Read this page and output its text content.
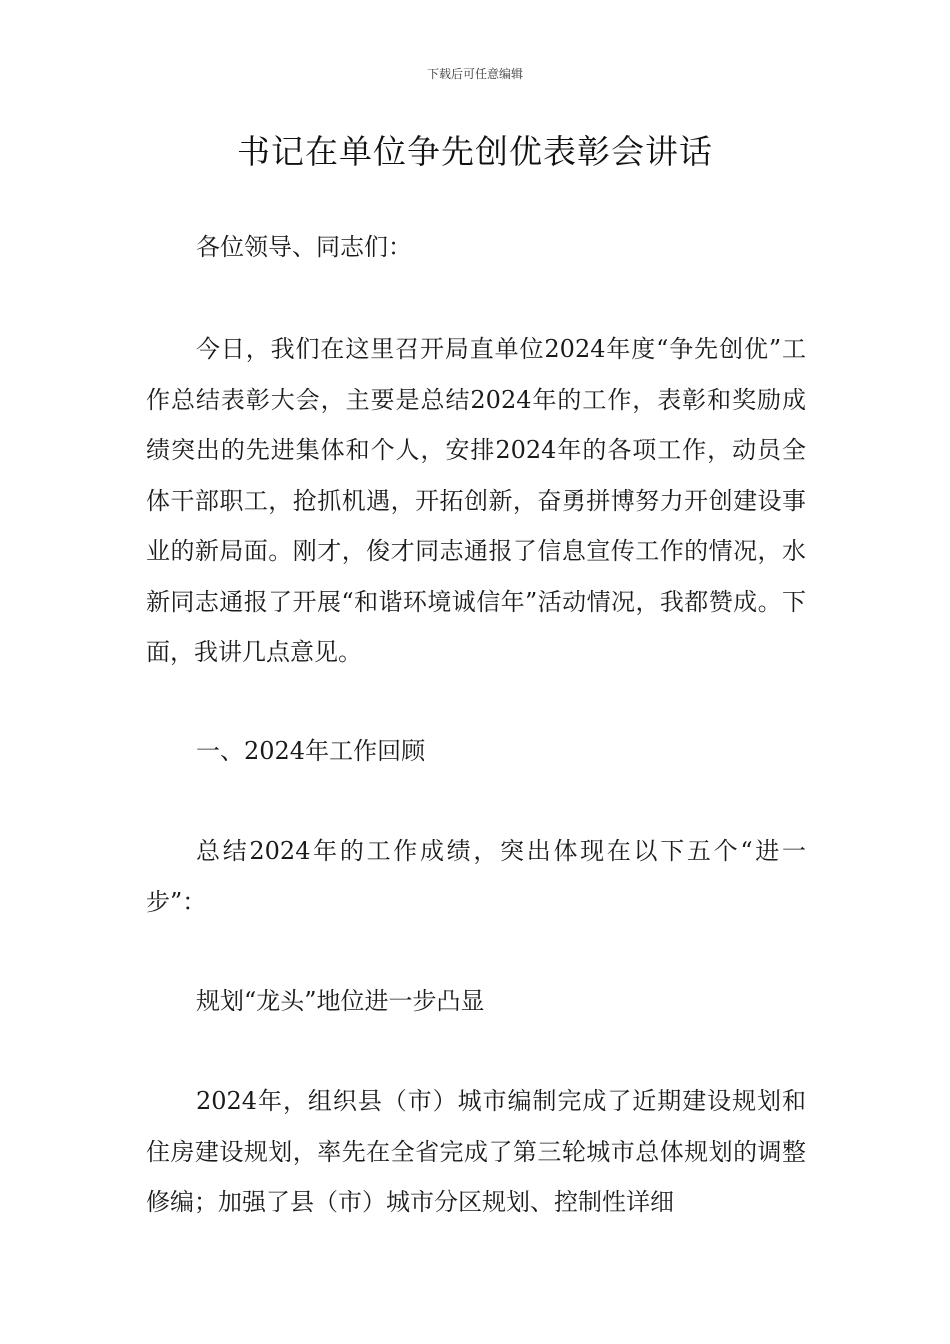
下载后可任意编辑
书记在单位争先创优表彰会讲话

各位领导、同志们：

今日，我们在这里召开局直单位2024年度“争先创优”工作总结表彰大会，主要是总结2024年的工作，表彰和奖励成绩突出的先进集体和个人，安排2024年的各项工作，动员全体干部职工，抢抓机遇，开拓创新，奋勇拼博努力开创建设事业的新局面。刚才，俊才同志通报了信息宣传工作的情况，水新同志通报了开展“和谐环境诚信年”活动情况，我都赞成。下面，我讲几点意见。

一、2024年工作回顾

总结2024年的工作成绩，突出体现在以下五个“进一步”：

规划“龙头”地位进一步凸显

2024年，组织县（市）城市编制完成了近期建设规划和住房建设规划，率先在全省完成了第三轮城市总体规划的调整修编；加强了县（市）城市分区规划、控制性详细
